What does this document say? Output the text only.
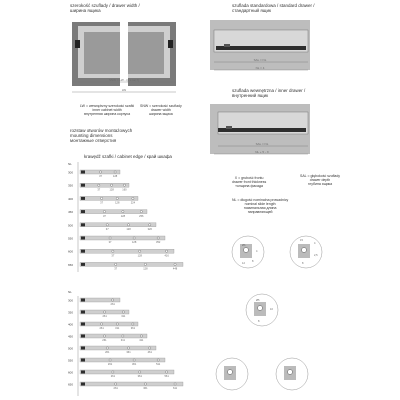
szerokość szuflady / drawer width /
ширина ящика
szuflada standardowa / standard drawer /
стандартный ящик
szuflada wewnętrzna / inner drawer /
внутренний ящик
LW = wewnętrzny szerokość szafki
inner cabinet width
внутренняя ширина корпуса
SNW = szerokość szuflady
drawer width
ширина ящика
rozstaw otworów montażowych
mounting dimensions
монтажные отверстия
krawędź szafki / cabinet edge / край шкафа
X = grubość frontu
drawer front thickness
толщина фасада
SAL = głębokość szuflady
drawer depth
глубина ящика
NL = długość nominalna prowadnicy
nominal slide length
номинальная длина
направляющей
SNW = LW - (2 x 12,7)
LW
SAL = NL
NL = 4
SAL = NL
NL + 5 - X
NL
NL
300
37	128
350
37	128	160
400
37	128	224
450
37	128	256
500
37	128	320
550
37	128	352
600
37	128	416
650
37	128	448
300
261
350
261	311
400
261	311	361
450
261	311	411
500
261	361	461
550
261	361	511
600
261	361	561
650
261	361	611
Ø6
4
12
8
15
4
2,5
8
Ø5
10
8
